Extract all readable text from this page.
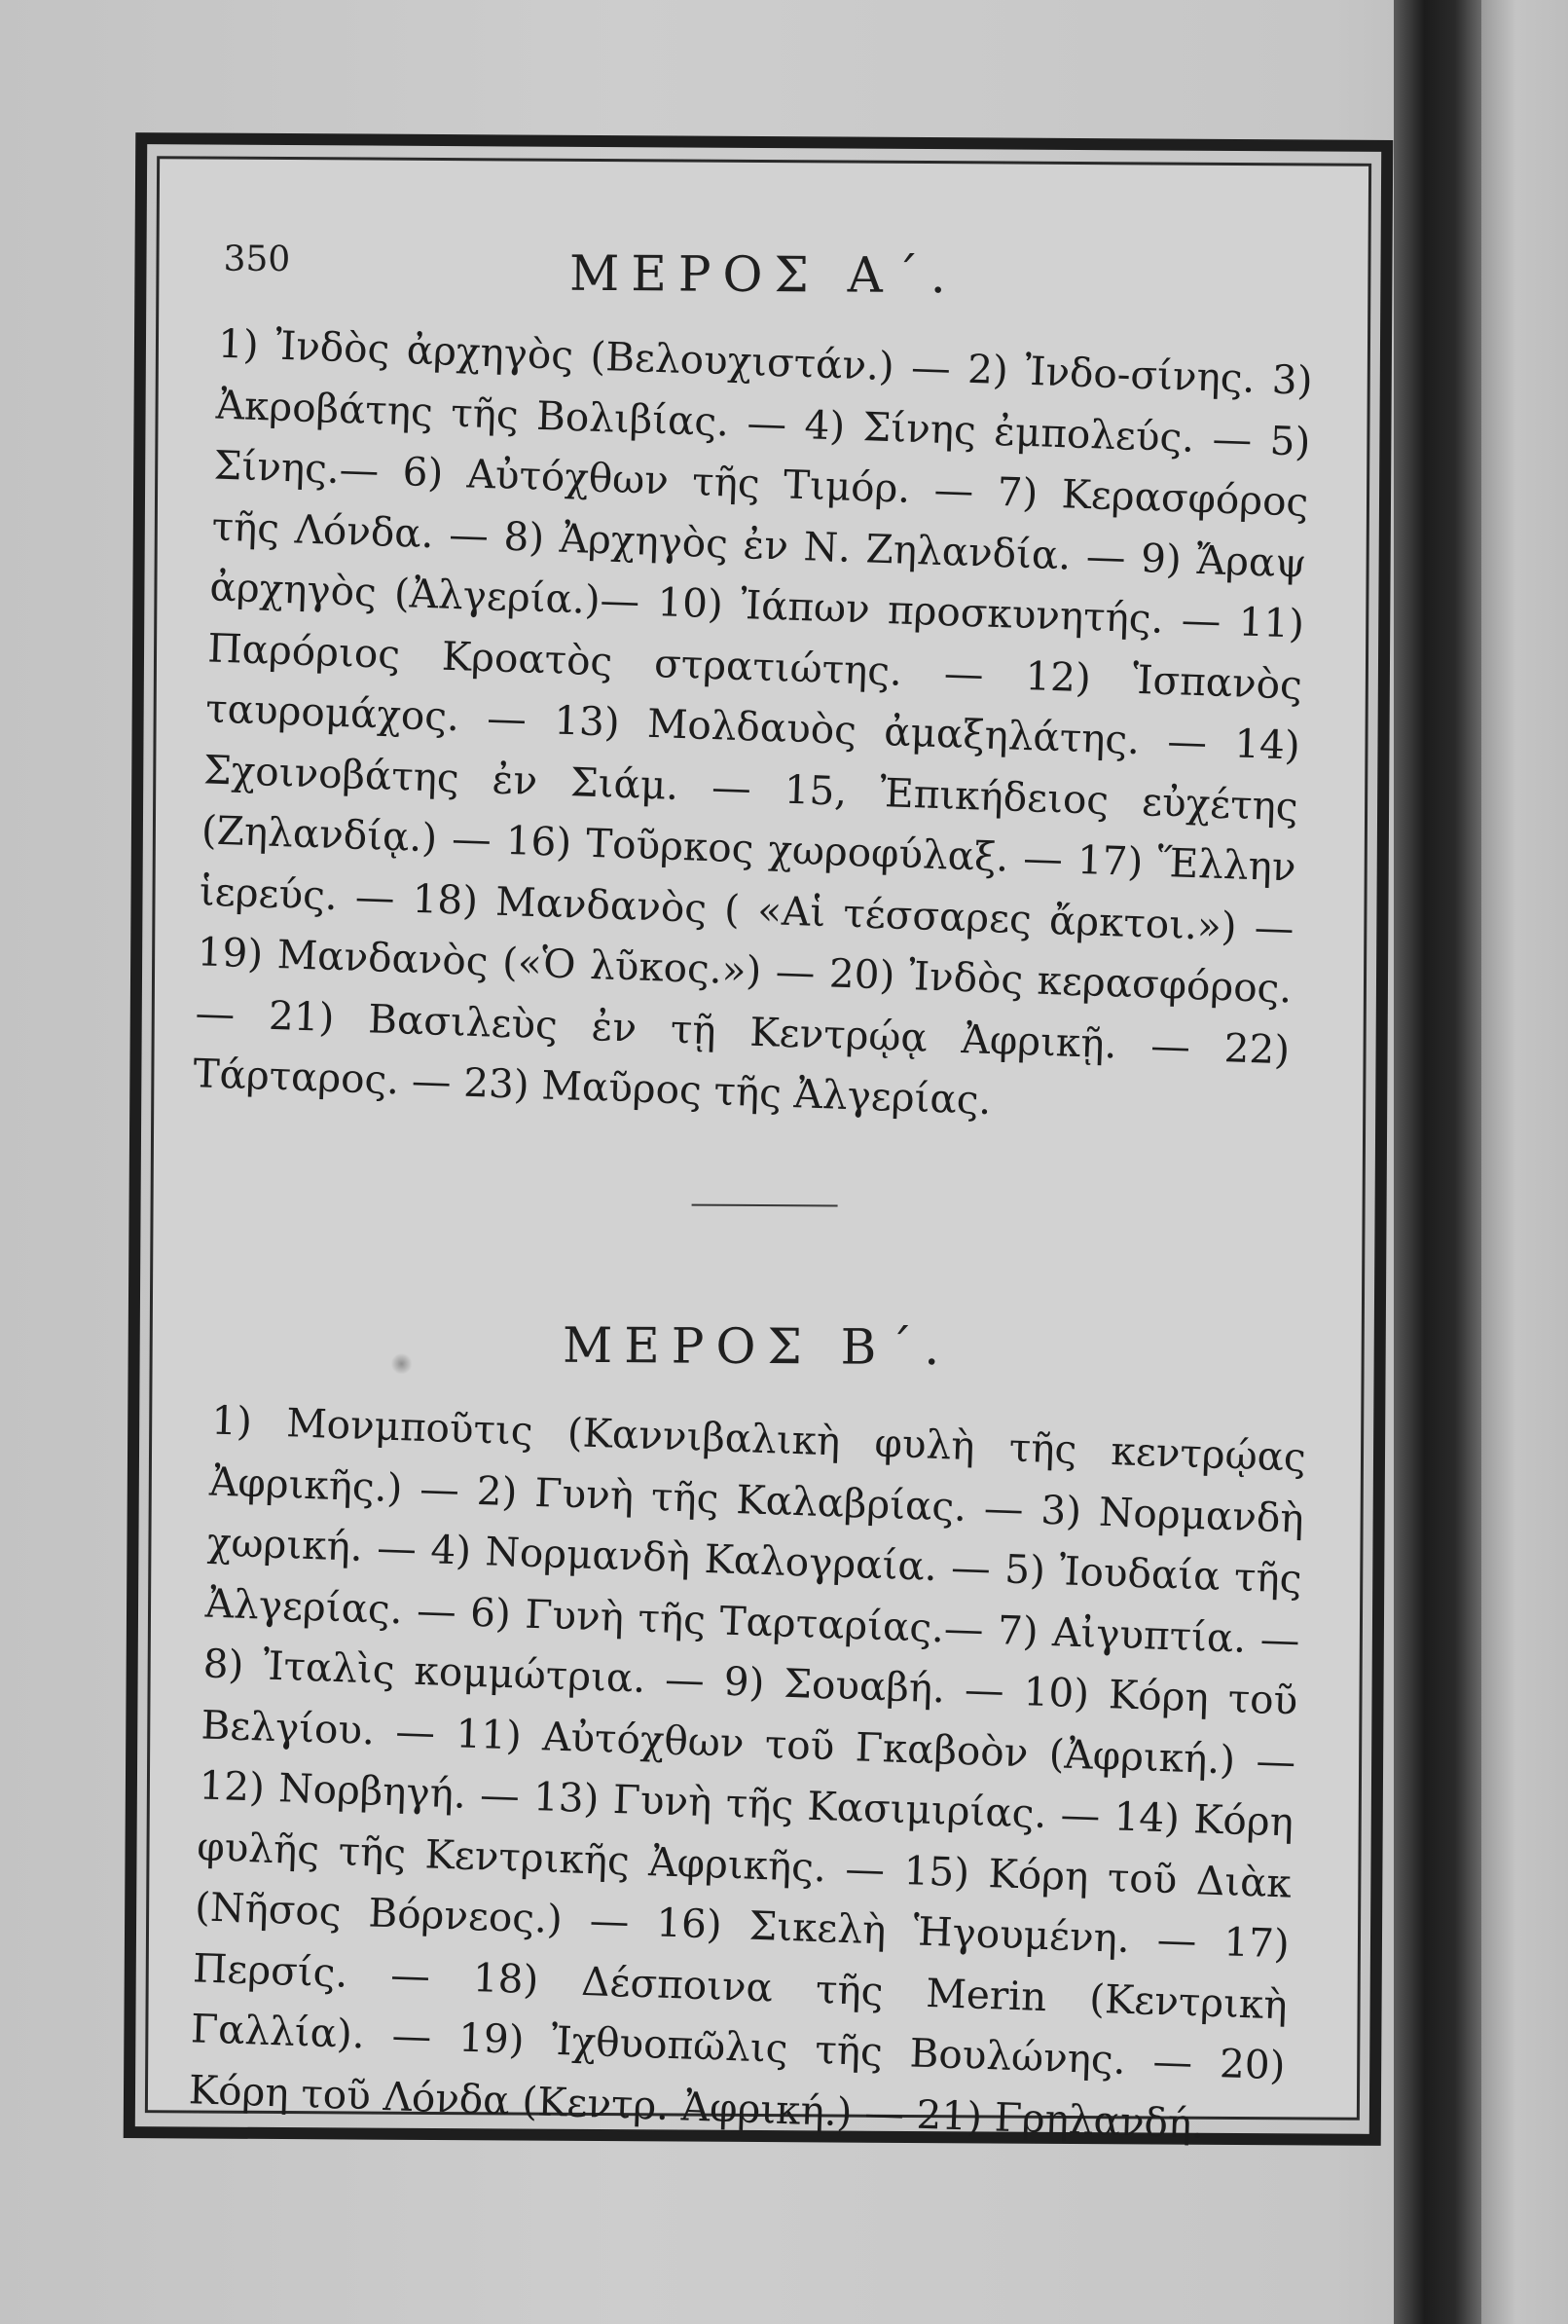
350	ΜΕΡΟΣ Α΄.

1) Ἰνδὸς ἀρχηγὸς (Βελουχιστάν.) — 2) Ἰνδο-σίνης. 3) Ἀκροβάτης τῆς Βολιβίας. — 4) Σίνης ἐμπολεύς. — 5) Σίνης.— 6) Αὐτόχθων τῆς Τιμόρ. — 7) Κερασφόρος τῆς Λόνδα. — 8) Ἀρχηγὸς ἐν Ν. Ζηλανδία. — 9) Ἄραψ ἀρχηγὸς (Ἀλγερία.)— 10) Ἰάπων προσκυνητής. — 11) Παρόριος Κροατὸς στρατιώτης. — 12) Ἱσπανὸς ταυρομάχος. — 13) Μολδαυὸς ἀμαξηλάτης. — 14) Σχοινοβάτης ἐν Σιάμ. — 15, Ἐπικήδειος εὐχέτης (Ζηλανδίᾳ.) — 16) Τοῦρκος χωροφύλαξ. — 17) Ἕλλην ἱερεύς. — 18) Μανδανὸς ( «Αἱ τέσσαρες ἄρκτοι.») — 19) Μανδανὸς («Ὁ λῦκος.») — 20) Ἰνδὸς κερασφόρος. — 21) Βασιλεὺς ἐν τῇ Κεντρῴᾳ Ἀφρικῇ. — 22) Τάρταρος. — 23) Μαῦρος τῆς Ἀλγερίας.

ΜΕΡΟΣ Β΄.

1) Μονμποῦτις (Καννιβαλικὴ φυλὴ τῆς κεντρῴας Ἀφρικῆς.) — 2) Γυνὴ τῆς Καλαβρίας. — 3) Νορμανδὴ χωρική. — 4) Νορμανδὴ Καλογραία. — 5) Ἰουδαία τῆς Ἀλγερίας. — 6) Γυνὴ τῆς Ταρταρίας.— 7) Αἰγυπτία. — 8) Ἰταλὶς κομμώτρια. — 9) Σουαβή. — 10) Κόρη τοῦ Βελγίου. — 11) Αὐτόχθων τοῦ Γκαβοὸν (Ἀφρική.) — 12) Νορβηγή. — 13) Γυνὴ τῆς Κασιμιρίας. — 14) Κόρη φυλῆς τῆς Κεντρικῆς Ἀφρικῆς. — 15) Κόρη τοῦ Διὰκ (Νῆσος Βόρνεος.) — 16) Σικελὴ Ἡγουμένη. — 17) Περσίς. — 18) Δέσποινα τῆς Merin (Κεντρικὴ Γαλλία). — 19) Ἰχθυοπῶλις τῆς Βουλώνης. — 20) Κόρη τοῦ Λόνδα (Κεντρ. Ἀφρική.) — 21) Γρηλανδή.
